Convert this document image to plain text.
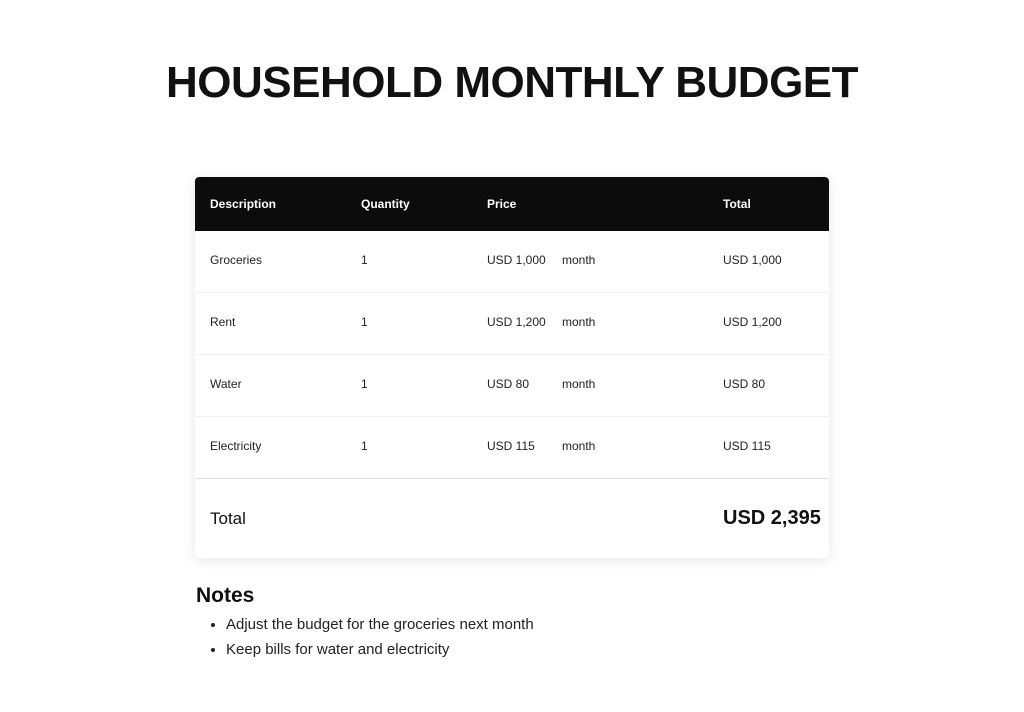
HOUSEHOLD MONTHLY BUDGET
Description	Quantity	Price	Total
Groceries	1	USD 1,000 month	USD 1,000
Rent	1	USD 1,200 month	USD 1,200
Water	1	USD 80	month	USD 80
Electricity	1	USD 115 month	USD 115
Total	USD 2,395
Notes
• Adjust the budget for the groceries next month
• Keep bills for water and electricity
